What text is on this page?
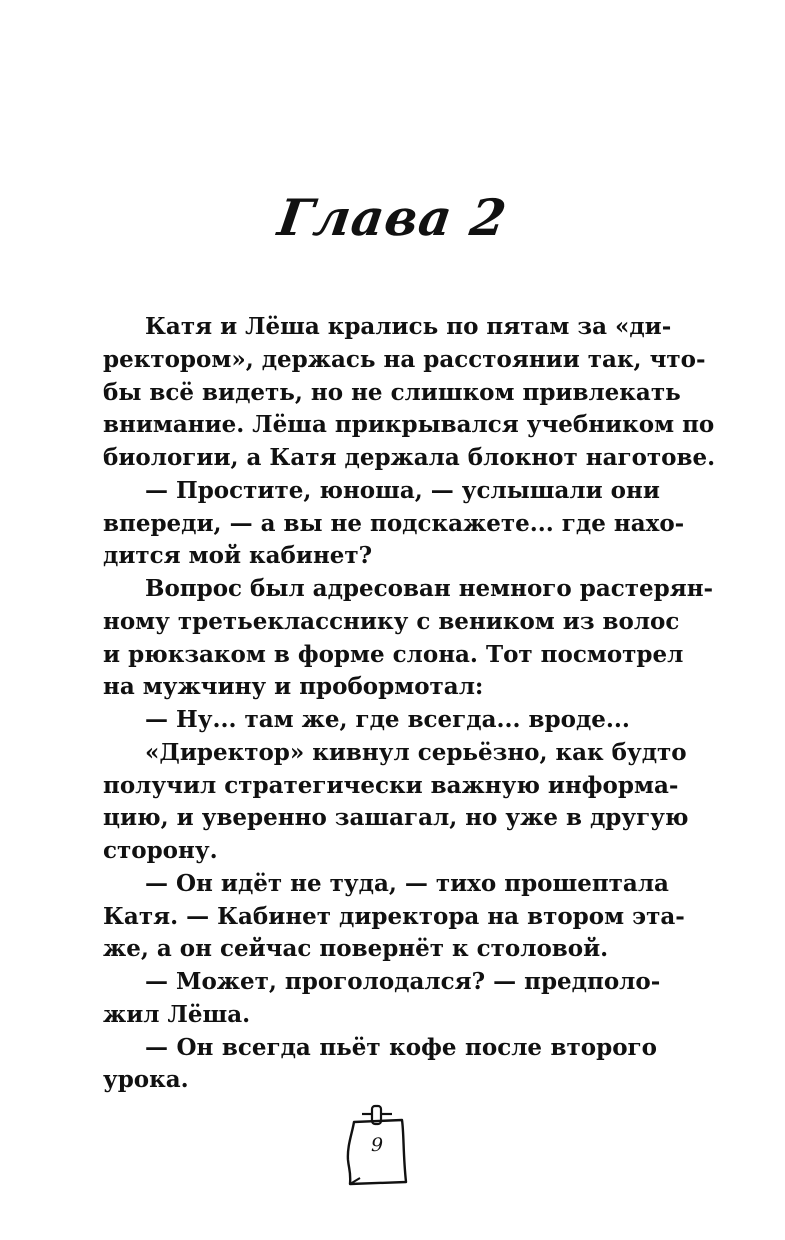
Глава 2
Катя и Лёша крались по пятам за «ди-
ректором», держась на расстоянии так, что-
бы всё видеть, но не слишком привлекать
внимание. Лёша прикрывался учебником по
биологии, а Катя держала блокнот наготове.
— Простите, юноша, — услышали они
впереди, — а вы не подскажете... где нахо-
дится мой кабинет?
Вопрос был адресован немного растерян-
ному третьекласснику с веником из волос
и рюкзаком в форме слона. Тот посмотрел
на мужчину и пробормотал:
— Ну... там же, где всегда... вроде...
«Директор» кивнул серьёзно, как будто
получил стратегически важную информа-
цию, и уверенно зашагал, но уже в другую
сторону.
— Он идёт не туда, — тихо прошептала
Катя. — Кабинет директора на втором эта-
же, а он сейчас повернёт к столовой.
— Может, проголодался? — предполо-
жил Лёша.
— Он всегда пьёт кофе после второго
урока.
9
